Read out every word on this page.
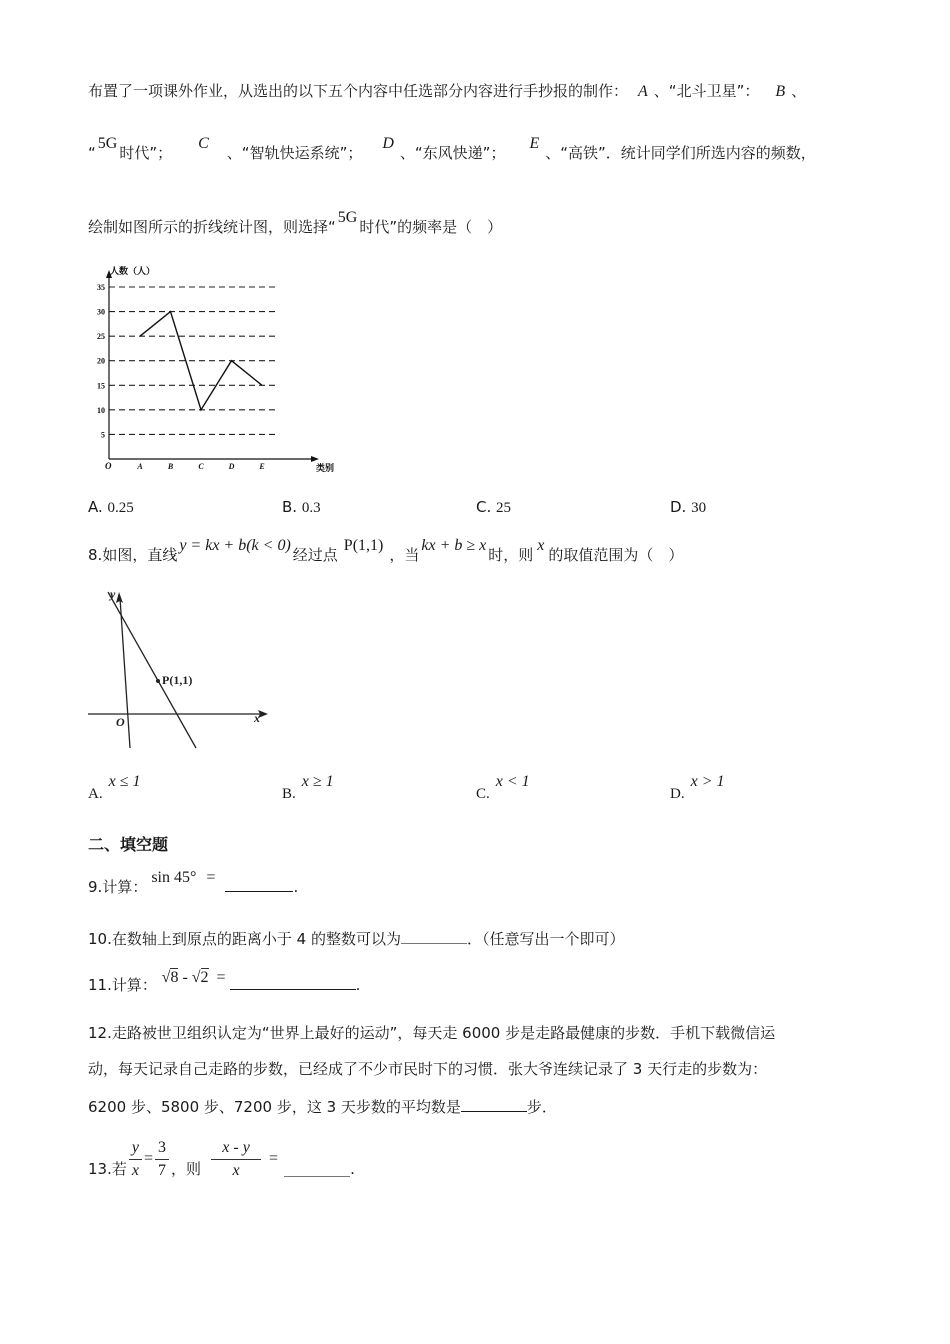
布置了一项课外作业，从选出的以下五个内容中任选部分内容进行手抄报的制作： A 、“北斗卫星”： B 、
“5G时代”；C、“智轨快运系统”；D、“东风快递”；E、“高铁”．统计同学们所选内容的频数，
绘制如图所示的折线统计图，则选择“5G时代”的频率是（　）
5
10
15
20
25
30
35
A	B	C	D	E
人数（人）
类别
O
A. 0.25	B. 0.3	C. 25	D. 30
8.如图，直线y = kx + b(k < 0)经过点P(1,1)，当kx + b ≥ x时，则x的取值范围为（　）
y
x
O
P(1,1)
A.x ≤ 1
B.x ≥ 1
C.x < 1
D.x > 1
二、填空题
9.计算：sin 45° =.
10.在数轴上到原点的距离小于 4 的整数可以为	．（任意写出一个即可）
11.计算： √8 - √2 =	.
12.走路被世卫组织认定为“世界上最好的运动”，每天走 6000 步是走路最健康的步数．手机下载微信运
动，每天记录自己走路的步数，已经成了不少市民时下的习惯．张大爷连续记录了 3 天行走的步数为：
6200 步、5800 步、7200 步，这 3 天步数的平均数是	步．
13. 若 $\frac{y}{x} = \frac{3}{7}$ ，则 $\frac{x - y}{x}$ =
.
